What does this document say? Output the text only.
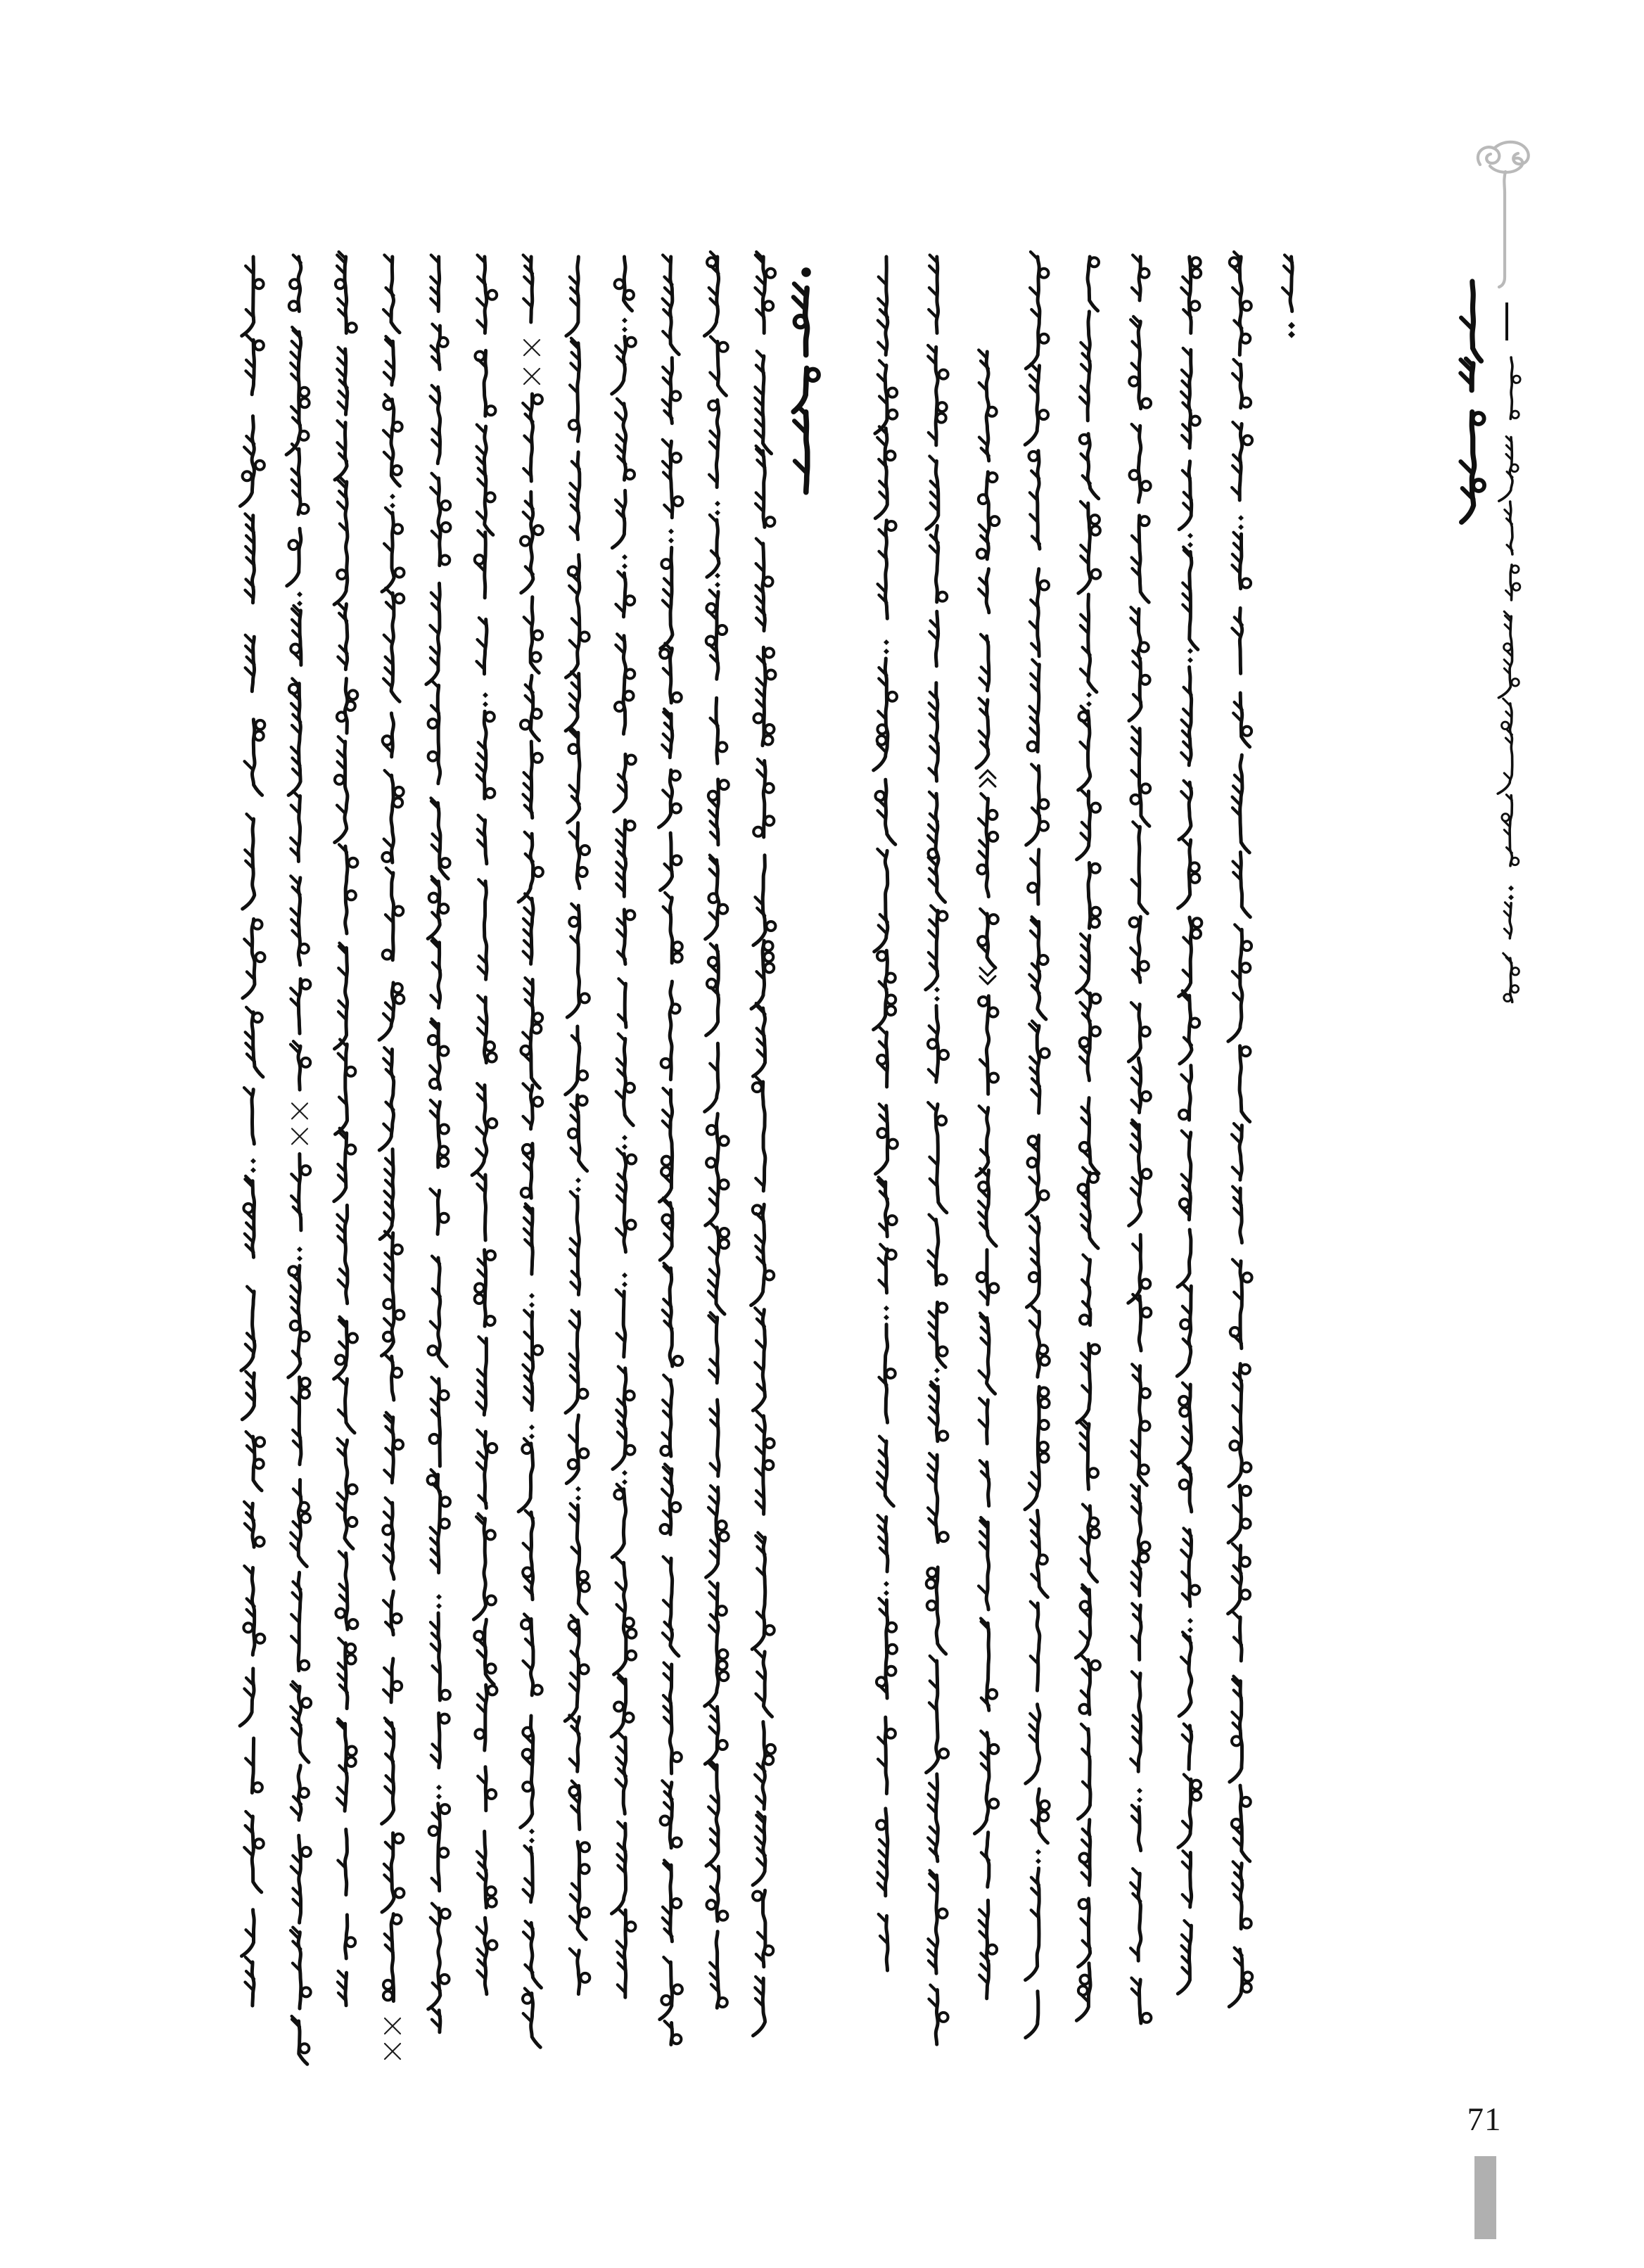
71
